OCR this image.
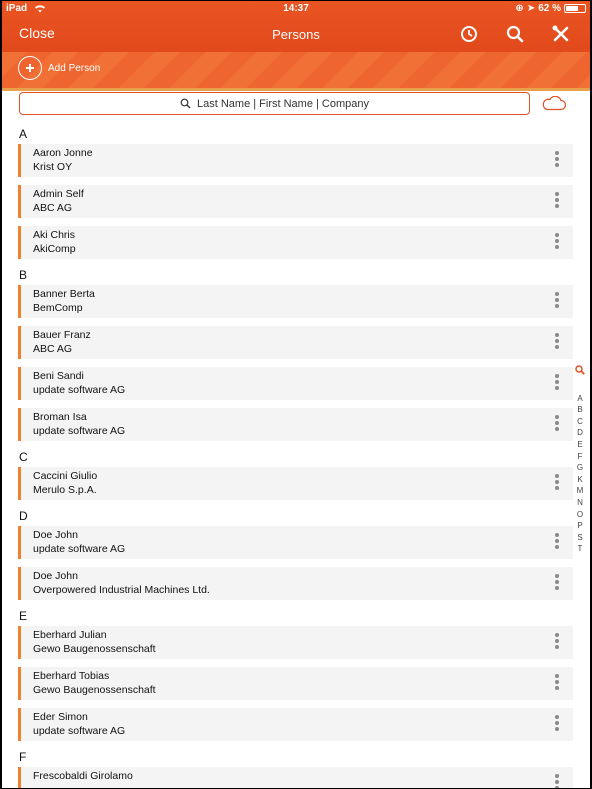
iPad	14:37	⊕ ➤ 62 %
Close	Persons
Add Person
Last Name | First Name | Company
A
Aaron Jonne
Krist OY
Admin Self
ABC AG
Aki Chris
AkiComp
B
Banner Berta
BemComp
Bauer Franz
ABC AG
Beni Sandi
update software AG
Broman Isa
update software AG
C
Caccini Giulio
Merulo S.p.A.
D
Doe John
update software AG
Doe John
Overpowered Industrial Machines Ltd.
E
Eberhard Julian
Gewo Baugenossenschaft
Eberhard Tobias
Gewo Baugenossenschaft
Eder Simon
update software AG
F
Frescobaldi Girolamo
A
B
C
D
E
F
G
K
M
N
O
P
S
T
